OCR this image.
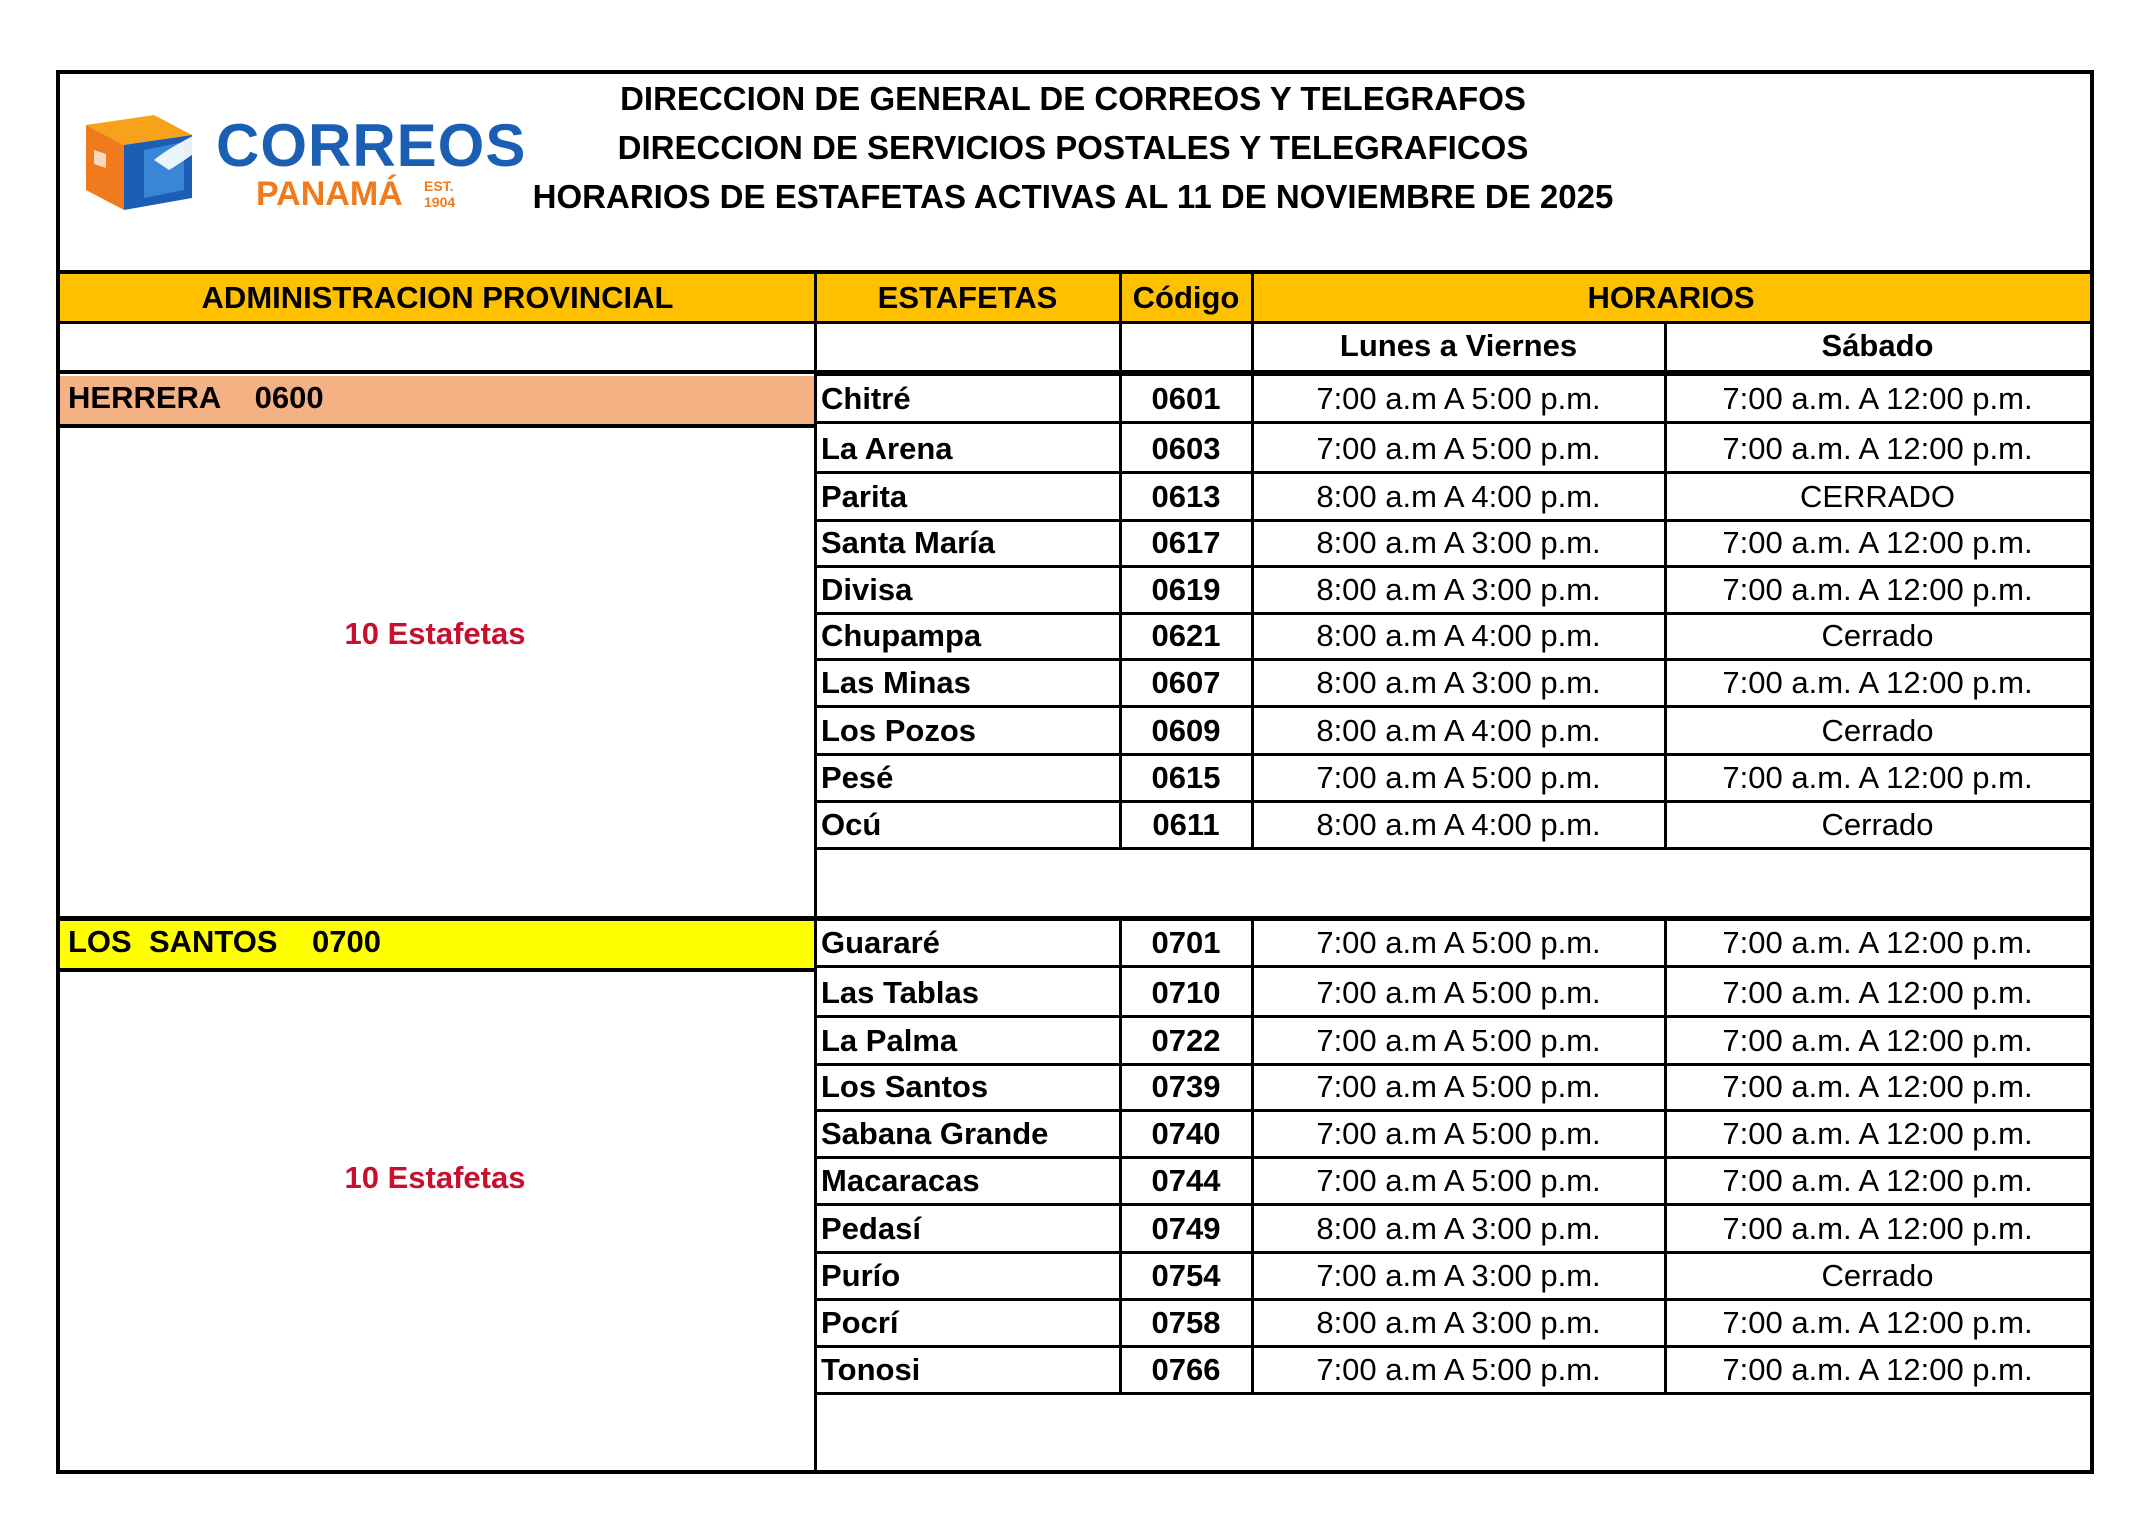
CORREOS
PANAMÁ EST.
1904
DIRECCION DE GENERAL DE CORREOS Y TELEGRAFOS
DIRECCION DE SERVICIOS POSTALES Y TELEGRAFICOS
HORARIOS DE ESTAFETAS ACTIVAS AL 11 DE NOVIEMBRE DE 2025
ADMINISTRACION PROVINCIAL	ESTAFETAS	Código	HORARIOS
Lunes a Viernes	Sábado
HERRERA    0600
10 Estafetas
LOS  SANTOS    0700
10 Estafetas
Chitré	0601	7:00 a.m A 5:00 p.m.	7:00 a.m. A 12:00 p.m.
La Arena	0603	7:00 a.m A 5:00 p.m.	7:00 a.m. A 12:00 p.m.
Parita	0613	8:00 a.m A 4:00 p.m.	CERRADO
Santa María	0617	8:00 a.m A 3:00 p.m.	7:00 a.m. A 12:00 p.m.
Divisa	0619	8:00 a.m A 3:00 p.m.	7:00 a.m. A 12:00 p.m.
Chupampa	0621	8:00 a.m A 4:00 p.m.	Cerrado
Las Minas	0607	8:00 a.m A 3:00 p.m.	7:00 a.m. A 12:00 p.m.
Los Pozos	0609	8:00 a.m A 4:00 p.m.	Cerrado
Pesé	0615	7:00 a.m A 5:00 p.m.	7:00 a.m. A 12:00 p.m.
Ocú	0611	8:00 a.m A 4:00 p.m.	Cerrado
Guararé	0701	7:00 a.m A 5:00 p.m.	7:00 a.m. A 12:00 p.m.
Las Tablas	0710	7:00 a.m A 5:00 p.m.	7:00 a.m. A 12:00 p.m.
La Palma	0722	7:00 a.m A 5:00 p.m.	7:00 a.m. A 12:00 p.m.
Los Santos	0739	7:00 a.m A 5:00 p.m.	7:00 a.m. A 12:00 p.m.
Sabana Grande	0740	7:00 a.m A 5:00 p.m.	7:00 a.m. A 12:00 p.m.
Macaracas	0744	7:00 a.m A 5:00 p.m.	7:00 a.m. A 12:00 p.m.
Pedasí	0749	8:00 a.m A 3:00 p.m.	7:00 a.m. A 12:00 p.m.
Purío	0754	7:00 a.m A 3:00 p.m.	Cerrado
Pocrí	0758	8:00 a.m A 3:00 p.m.	7:00 a.m. A 12:00 p.m.
Tonosi	0766	7:00 a.m A 5:00 p.m.	7:00 a.m. A 12:00 p.m.
